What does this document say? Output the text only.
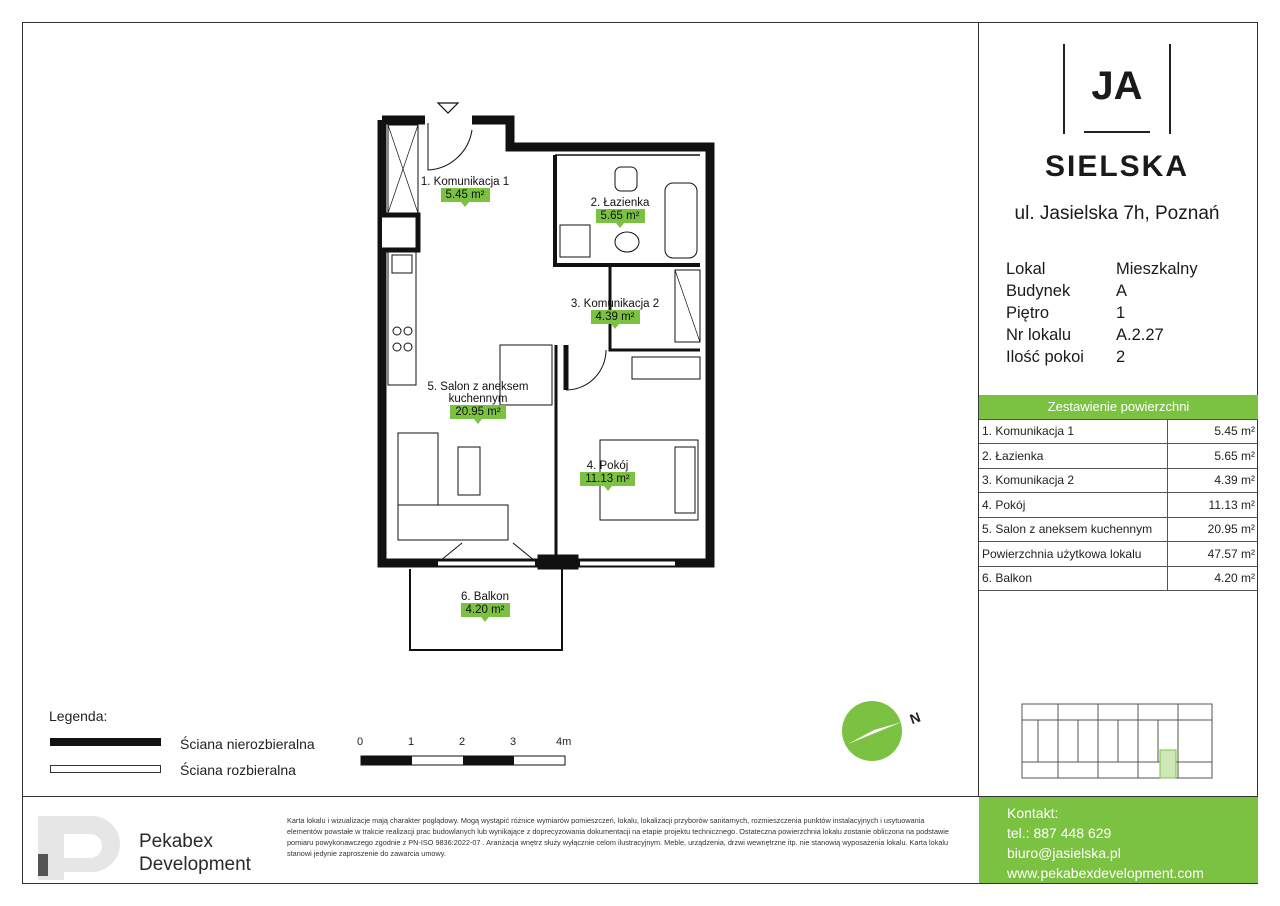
JA
SIELSKA
ul. Jasielska 7h, Poznań
Lokal	Mieszkalny
Budynek	A
Piętro	1
Nr lokalu	A.2.27
Ilość pokoi	2
Zestawienie powierzchni	
1. Komunikacja 1	5.45 m²
2. Łazienka	5.65 m²
3. Komunikacja 2	4.39 m²
4. Pokój	11.13 m²
5. Salon z aneksem kuchennym	20.95 m²
Powierzchnia użytkowa lokalu	47.57 m²
6. Balkon	4.20 m²
1. Komunikacja 1
5.45 m²
2. Łazienka
5.65 m²
3. Komunikacja 2
4.39 m²
5. Salon z aneksem kuchennym
20.95 m²
4. Pokój
11.13 m²
6. Balkon
4.20 m²
N
Legenda:
Ściana nierozbieralna
Ściana rozbieralna
0	1	2	3	4m
Pekabex
Development
Karta lokalu i wizualizacje mają charakter poglądowy. Mogą wystąpić różnice wymiarów pomieszczeń, lokalu, lokalizacji przyborów sanitarnych, rozmieszczenia punktów instalacyjnych i usytuowania elementów powstałe w trakcie realizacji prac budowlanych lub wynikające z doprecyzowania dokumentacji na etapie projektu technicznego. Ostateczna powierzchnia lokalu zostanie obliczona na podstawie pomiaru powykonawczego zgodnie z PN-ISO 9836:2022-07 . Aranżacja wnętrz służy wyłącznie celom ilustracyjnym. Meble, urządzenia, drzwi wewnętrzne itp. nie stanowią wyposażenia lokalu. Karta lokalu stanowi jedynie zaproszenie do zawarcia umowy.
Kontakt:
tel.: 887 448 629
biuro@jasielska.pl
www.pekabexdevelopment.com
